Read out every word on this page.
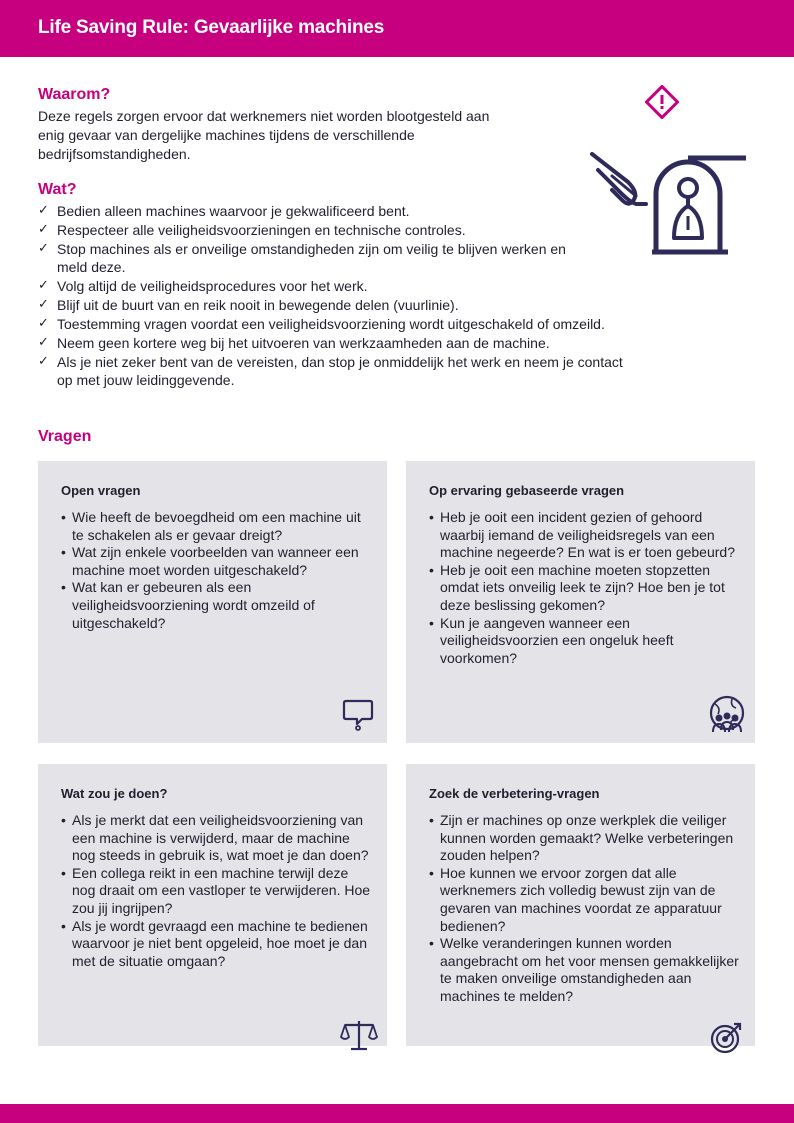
Life Saving Rule: Gevaarlijke machines
Waarom?

Deze regels zorgen ervoor dat werknemers niet worden blootgesteld aan enig gevaar van dergelijke machines tijdens de verschillende bedrijfsomstandigheden.

Wat?
✓ Bedien alleen machines waarvoor je gekwalificeerd bent.
✓ Respecteer alle veiligheidsvoorzieningen en technische controles.
✓ Stop machines als er onveilige omstandigheden zijn om veilig te blijven werken en meld deze.
✓ Volg altijd de veiligheidsprocedures voor het werk.
✓ Blijf uit de buurt van en reik nooit in bewegende delen (vuurlinie).
✓ Toestemming vragen voordat een veiligheidsvoorziening wordt uitgeschakeld of omzeild.
✓ Neem geen kortere weg bij het uitvoeren van werkzaamheden aan de machine.
✓ Als je niet zeker bent van de vereisten, dan stop je onmiddelijk het werk en neem je contact op met jouw leidinggevende.
Vragen
Open vragen
• Wie heeft de bevoegdheid om een machine uit te schakelen als er gevaar dreigt?
• Wat zijn enkele voorbeelden van wanneer een machine moet worden uitgeschakeld?
• Wat kan er gebeuren als een veiligheidsvoorziening wordt omzeild of uitgeschakeld?
Op ervaring gebaseerde vragen
• Heb je ooit een incident gezien of gehoord waarbij iemand de veiligheidsregels van een machine negeerde? En wat is er toen gebeurd?
• Heb je ooit een machine moeten stopzetten omdat iets onveilig leek te zijn? Hoe ben je tot deze beslissing gekomen?
• Kun je aangeven wanneer een veiligheidsvoorzien een ongeluk heeft voorkomen?
Wat zou je doen?
• Als je merkt dat een veiligheidsvoorziening van een machine is verwijderd, maar de machine nog steeds in gebruik is, wat moet je dan doen?
• Een collega reikt in een machine terwijl deze nog draait om een vastloper te verwijderen. Hoe zou jij ingrijpen?
• Als je wordt gevraagd een machine te bedienen waarvoor je niet bent opgeleid, hoe moet je dan met de situatie omgaan?
Zoek de verbetering-vragen
• Zijn er machines op onze werkplek die veiliger kunnen worden gemaakt? Welke verbeteringen zouden helpen?
• Hoe kunnen we ervoor zorgen dat alle werknemers zich volledig bewust zijn van de gevaren van machines voordat ze apparatuur bedienen?
• Welke veranderingen kunnen worden aangebracht om het voor mensen gemakkelijker te maken onveilige omstandigheden aan machines te melden?
